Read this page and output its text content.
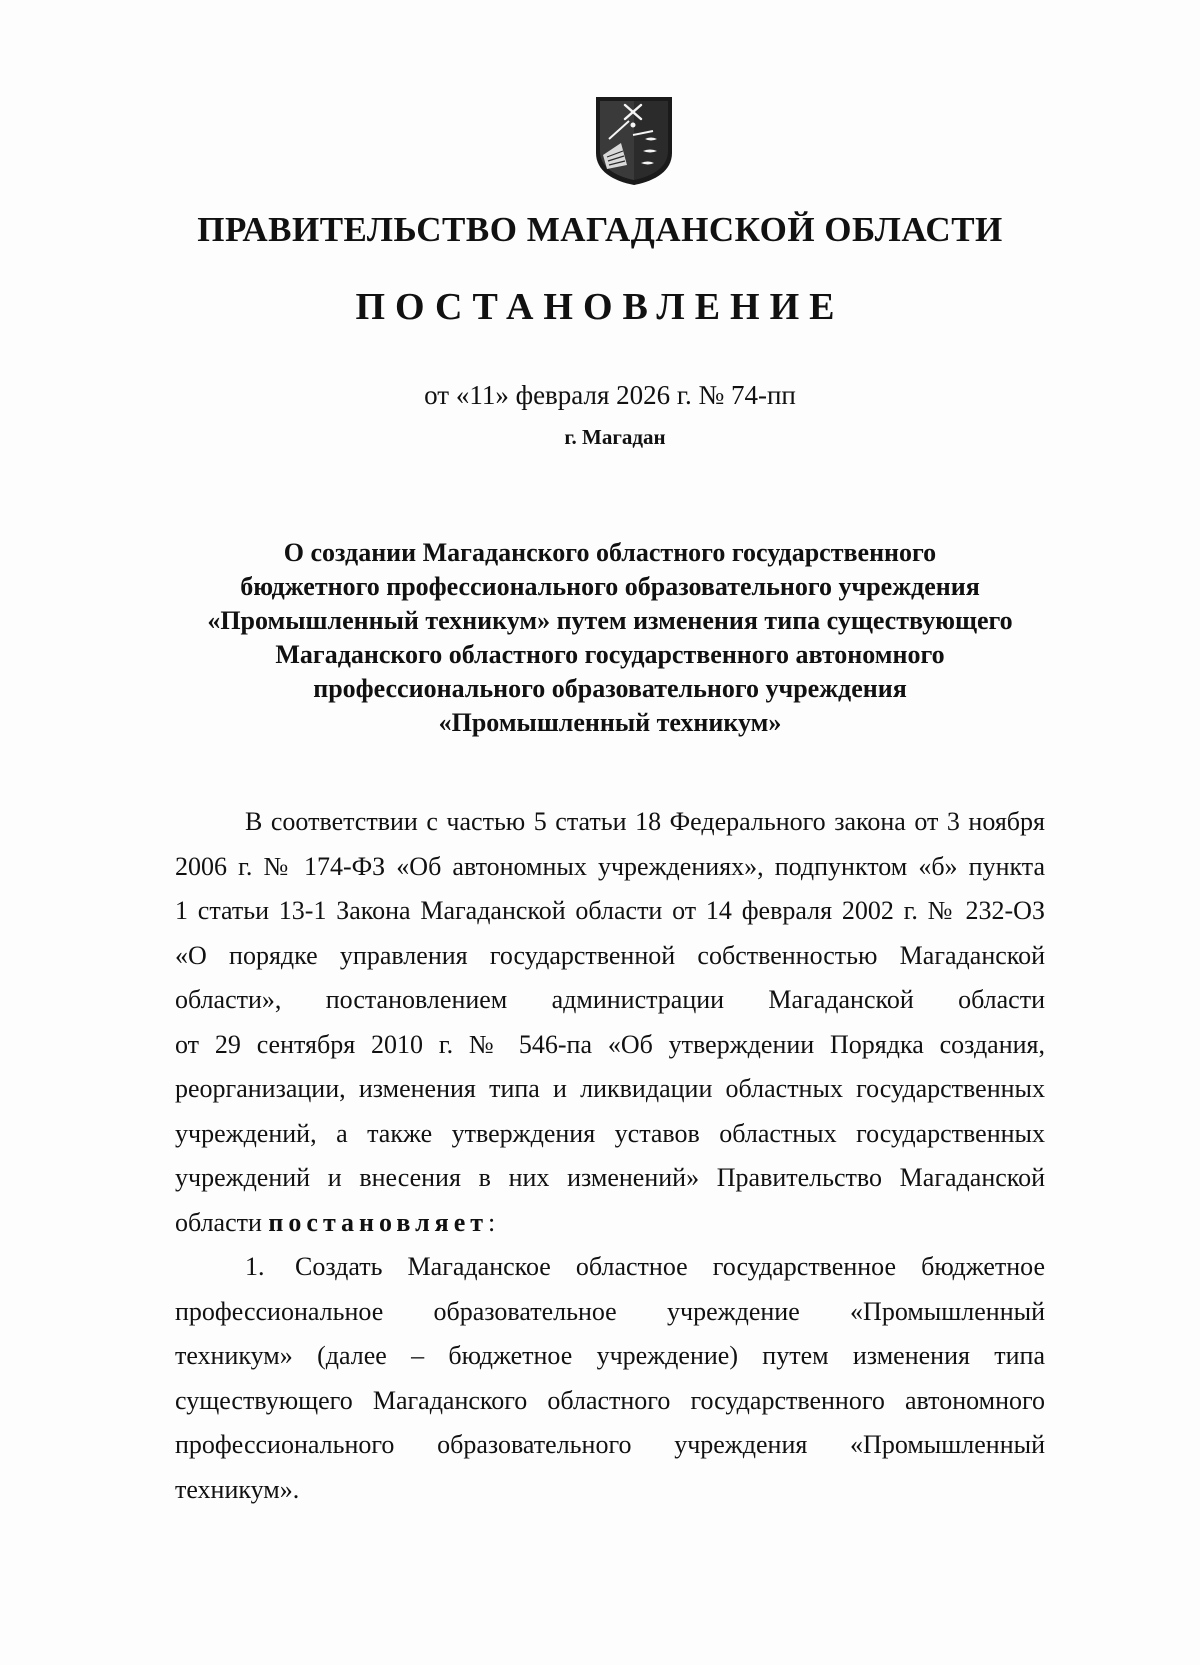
ПРАВИТЕЛЬСТВО МАГАДАНСКОЙ ОБЛАСТИ
ПОСТАНОВЛЕНИЕ
от «11» февраля 2026 г. № 74-пп
г. Магадан
О создании Магаданского областного государственного
бюджетного профессионального образовательного учреждения
«Промышленный техникум» путем изменения типа существующего
Магаданского областного государственного автономного
профессионального образовательного учреждения
«Промышленный техникум»
В соответствии с частью 5 статьи 18 Федерального закона от 3 ноября
2006 г. № 174-ФЗ «Об автономных учреждениях», подпунктом «б» пункта
1 статьи 13-1 Закона Магаданской области от 14 февраля 2002 г. № 232-ОЗ
«О порядке управления государственной собственностью Магаданской
области», постановлением администрации Магаданской области
от 29 сентября 2010 г. № 546-па «Об утверждении Порядка создания,
реорганизации, изменения типа и ликвидации областных государственных
учреждений, а также утверждения уставов областных государственных
учреждений и внесения в них изменений» Правительство Магаданской
области постановляет:
1. Создать Магаданское областное государственное бюджетное
профессиональное образовательное учреждение «Промышленный
техникум» (далее – бюджетное учреждение) путем изменения типа
существующего Магаданского областного государственного автономного
профессионального образовательного учреждения «Промышленный
техникум».
